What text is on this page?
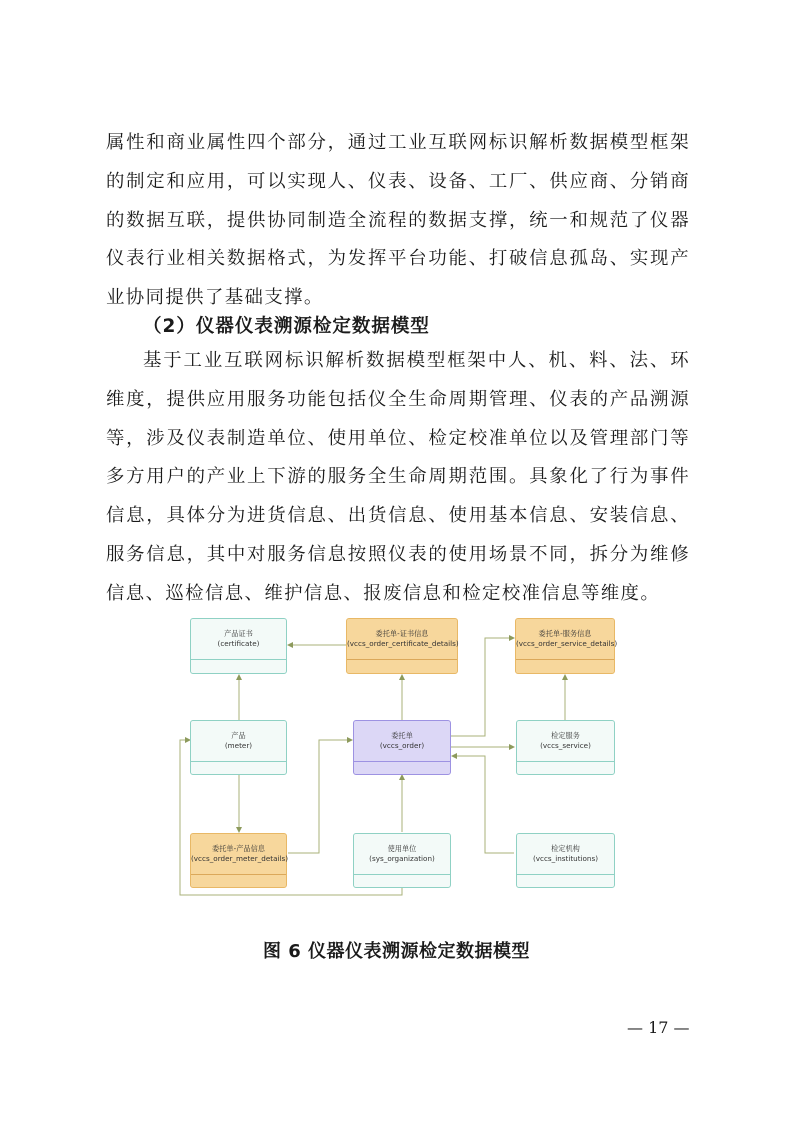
属性和商业属性四个部分，通过工业互联网标识解析数据模型框架的制定和应用，可以实现人、仪表、设备、工厂、供应商、分销商的数据互联，提供协同制造全流程的数据支撑，统一和规范了仪器仪表行业相关数据格式，为发挥平台功能、打破信息孤岛、实现产业协同提供了基础支撑。

（2）仪器仪表溯源检定数据模型

基于工业互联网标识解析数据模型框架中人、机、料、法、环维度，提供应用服务功能包括仪全生命周期管理、仪表的产品溯源等，涉及仪表制造单位、使用单位、检定校准单位以及管理部门等多方用户的产业上下游的服务全生命周期范围。具象化了行为事件信息，具体分为进货信息、出货信息、使用基本信息、安装信息、服务信息，其中对服务信息按照仪表的使用场景不同，拆分为维修信息、巡检信息、维护信息、报废信息和检定校准信息等维度。

产品证书
(certificate)
委托单-证书信息
(vccs_order_certificate_details)
委托单-服务信息
(vccs_order_service_details)
产品
(meter)
委托单
(vccs_order)
检定服务
(vccs_service)
委托单-产品信息
(vccs_order_meter_details)
使用单位
(sys_organization)
检定机构
(vccs_institutions)

图 6 仪器仪表溯源检定数据模型

— 17 —
